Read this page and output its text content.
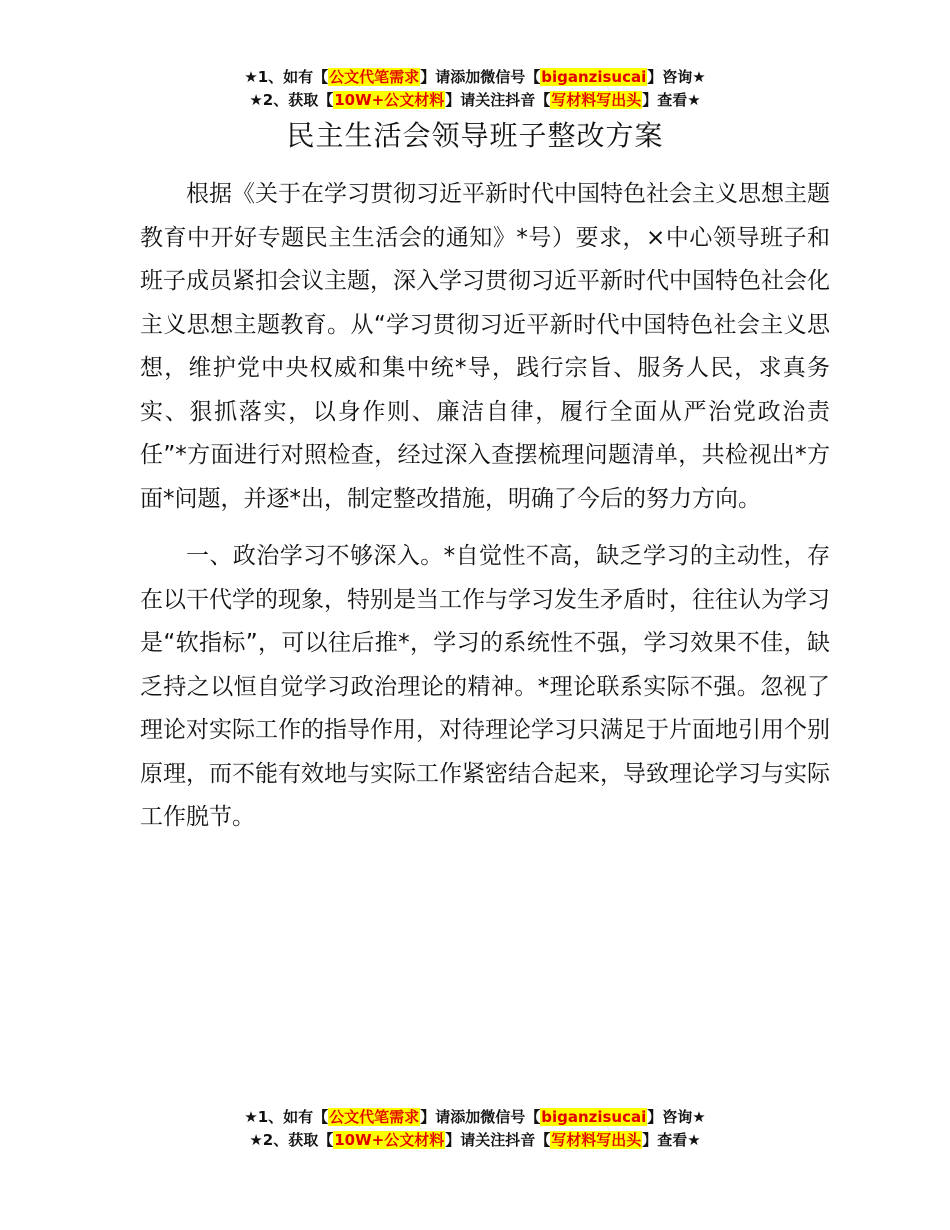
★1、如有【公文代笔需求】请添加微信号【biganzisucai】咨询★
★2、获取【10W+公文材料】请关注抖音【写材料写出头】查看★
民主生活会领导班子整改方案

根据《关于在学习贯彻习近平新时代中国特色社会主义思想主题教育中开好专题民主生活会的通知》*号）要求，×中心领导班子和班子成员紧扣会议主题，深入学习贯彻习近平新时代中国特色社会化主义思想主题教育。从“学习贯彻习近平新时代中国特色社会主义思想，维护党中央权威和集中统*导，践行宗旨、服务人民，求真务实、狠抓落实，以身作则、廉洁自律，履行全面从严治党政治责任”*方面进行对照检查，经过深入查摆梳理问题清单，共检视出*方面*问题，并逐*出，制定整改措施，明确了今后的努力方向。

一、政治学习不够深入。*自觉性不高，缺乏学习的主动性，存在以干代学的现象，特别是当工作与学习发生矛盾时，往往认为学习是“软指标”，可以往后推*，学习的系统性不强，学习效果不佳，缺乏持之以恒自觉学习政治理论的精神。*理论联系实际不强。忽视了理论对实际工作的指导作用，对待理论学习只满足于片面地引用个别原理，而不能有效地与实际工作紧密结合起来，导致理论学习与实际工作脱节。

★1、如有【公文代笔需求】请添加微信号【biganzisucai】咨询★
★2、获取【10W+公文材料】请关注抖音【写材料写出头】查看★
